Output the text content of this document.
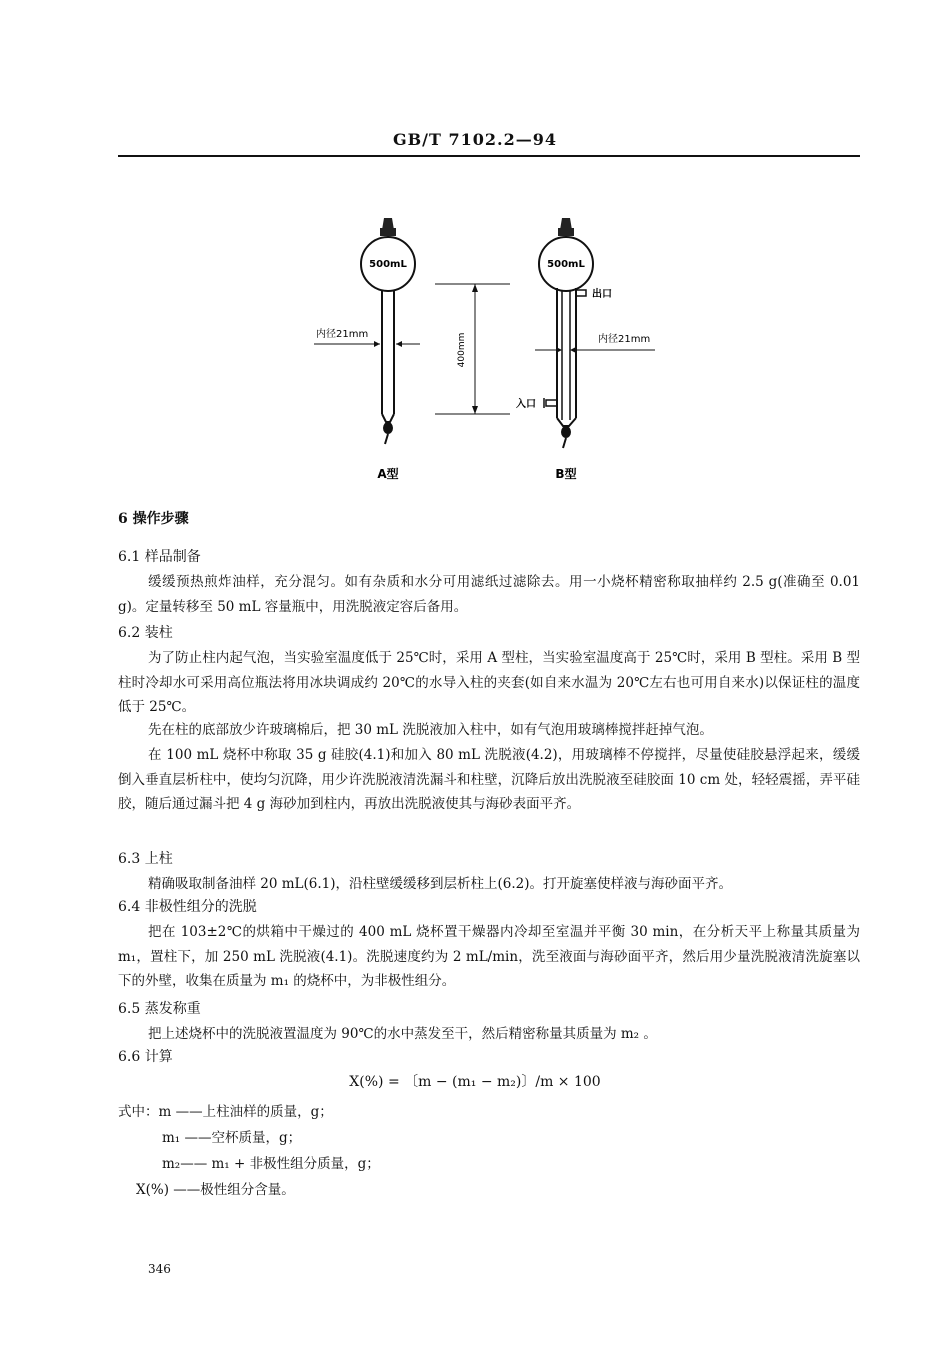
GB/T 7102.2—94
500mL
内径21mm
A型
400mm
500mL
出口
内径21mm
入口
B型
6 操作步骤
6.1 样品制备
缓缓预热煎炸油样，充分混匀。如有杂质和水分可用滤纸过滤除去。用一小烧杯精密称取抽样约 2.5 g(准确至 0.01 g)。定量转移至 50 mL 容量瓶中，用洗脱液定容后备用。
6.2 装柱
为了防止柱内起气泡，当实验室温度低于 25℃时，采用 A 型柱，当实验室温度高于 25℃时，采用 B 型柱。采用 B 型柱时冷却水可采用高位瓶法将用冰块调成约 20℃的水导入柱的夹套(如自来水温为 20℃左右也可用自来水)以保证柱的温度低于 25℃。
先在柱的底部放少许玻璃棉后，把 30 mL 洗脱液加入柱中，如有气泡用玻璃棒搅拌赶掉气泡。
在 100 mL 烧杯中称取 35 g 硅胶(4.1)和加入 80 mL 洗脱液(4.2)，用玻璃棒不停搅拌，尽量使硅胶悬浮起来，缓缓倒入垂直层析柱中，使均匀沉降，用少许洗脱液清洗漏斗和柱壁，沉降后放出洗脱液至硅胶面 10 cm 处，轻轻震摇，弄平硅胶，随后通过漏斗把 4 g 海砂加到柱内，再放出洗脱液使其与海砂表面平齐。
6.3 上柱
精确吸取制备油样 20 mL(6.1)，沿柱壁缓缓移到层析柱上(6.2)。打开旋塞使样液与海砂面平齐。
6.4 非极性组分的洗脱
把在 103±2℃的烘箱中干燥过的 400 mL 烧杯置干燥器内冷却至室温并平衡 30 min，在分析天平上称量其质量为 m₁，置柱下，加 250 mL 洗脱液(4.1)。洗脱速度约为 2 mL/min，洗至液面与海砂面平齐，然后用少量洗脱液清洗旋塞以下的外壁，收集在质量为 m₁ 的烧杯中，为非极性组分。
6.5 蒸发称重
把上述烧杯中的洗脱液置温度为 90℃的水中蒸发至干，然后精密称量其质量为 m₂ 。
6.6 计算
X(%) = 〔m − (m₁ − m₂)〕/m × 100
式中：m ——上柱油样的质量，g；
m₁ ——空杯质量，g；
m₂—— m₁ + 非极性组分质量，g；
X(%) ——极性组分含量。
346
